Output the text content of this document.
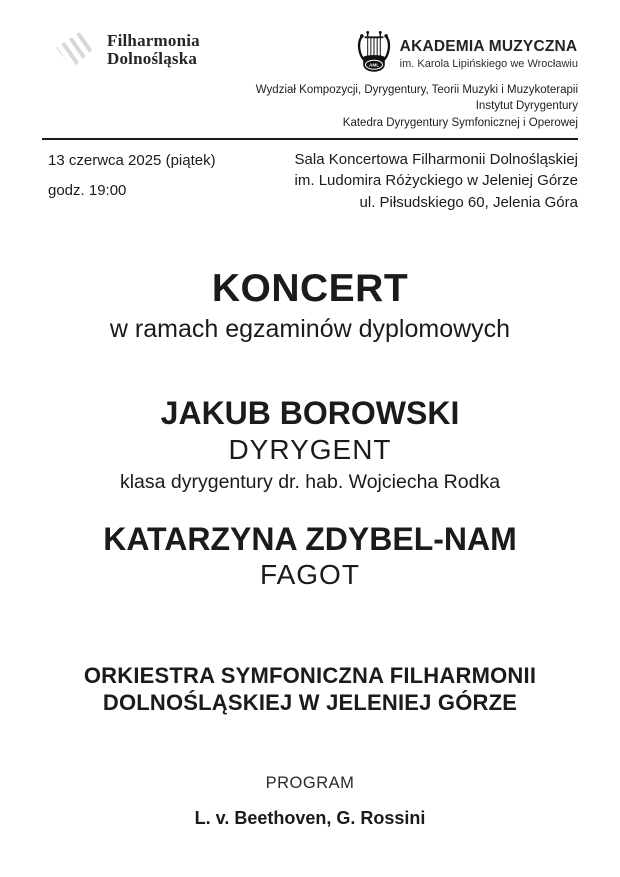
Filharmonia
Dolnośląska	AML
AKADEMIA MUZYCZNA
im. Karola Lipińskiego we Wrocławiu
Wydział Kompozycji, Dyrygentury, Teorii Muzyki i Muzykoterapii
Instytut Dyrygentury
Katedra Dyrygentury Symfonicznej i Operowej
13 czerwca 2025 (piątek)
godz. 19:00
Sala Koncertowa Filharmonii Dolnośląskiej
im. Ludomira Różyckiego w Jeleniej Górze
ul. Piłsudskiego 60, Jelenia Góra
KONCERT
w ramach egzaminów dyplomowych
JAKUB BOROWSKI
DYRYGENT
klasa dyrygentury dr. hab. Wojciecha Rodka
KATARZYNA ZDYBEL-NAM
FAGOT
ORKIESTRA SYMFONICZNA FILHARMONII
DOLNOŚLĄSKIEJ W JELENIEJ GÓRZE
PROGRAM
L. v. Beethoven, G. Rossini
